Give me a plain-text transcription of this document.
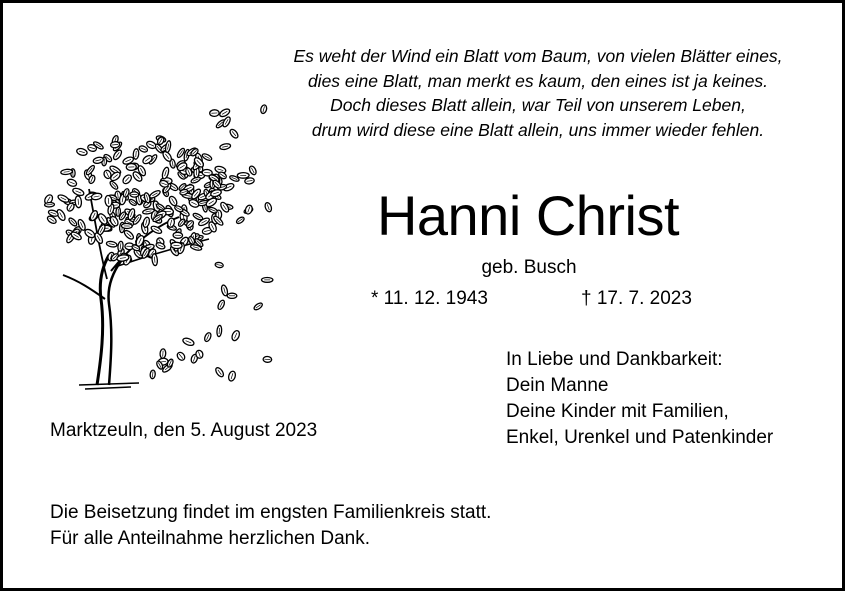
Es weht der Wind ein Blatt vom Baum, von vielen Blätter eines,
dies eine Blatt, man merkt es kaum, den eines ist ja keines.
Doch dieses Blatt allein, war Teil von unserem Leben,
drum wird diese eine Blatt allein, uns immer wieder fehlen.
Hanni Christ
geb. Busch
* 11. 12. 1943	† 17. 7. 2023
In Liebe und Dankbarkeit:
Dein Manne
Deine Kinder mit Familien,
Enkel, Urenkel und Patenkinder
Marktzeuln, den 5. August 2023
Die Beisetzung findet im engsten Familienkreis statt.
Für alle Anteilnahme herzlichen Dank.
